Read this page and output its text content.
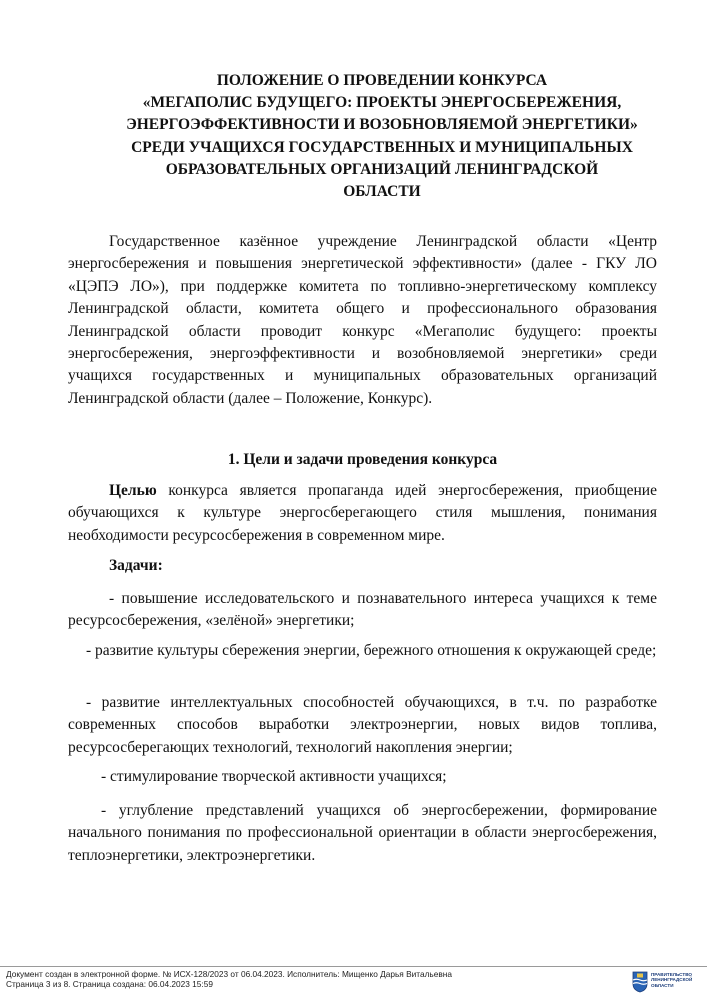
ПОЛОЖЕНИЕ О ПРОВЕДЕНИИ КОНКУРСА
«МЕГАПОЛИС БУДУЩЕГО: ПРОЕКТЫ ЭНЕРГОСБЕРЕЖЕНИЯ,
ЭНЕРГОЭФФЕКТИВНОСТИ И ВОЗОБНОВЛЯЕМОЙ ЭНЕРГЕТИКИ»
СРЕДИ УЧАЩИХСЯ ГОСУДАРСТВЕННЫХ И МУНИЦИПАЛЬНЫХ
ОБРАЗОВАТЕЛЬНЫХ ОРГАНИЗАЦИЙ ЛЕНИНГРАДСКОЙ
ОБЛАСТИ
Государственное казённое учреждение Ленинградской области «Центр энергосбережения и повышения энергетической эффективности» (далее - ГКУ ЛО «ЦЭПЭ ЛО»), при поддержке комитета по топливно-энергетическому комплексу Ленинградской области, комитета общего и профессионального образования Ленинградской области проводит конкурс «Мегаполис будущего: проекты энергосбережения, энергоэффективности и возобновляемой энергетики» среди учащихся государственных и муниципальных образовательных организаций Ленинградской области (далее – Положение, Конкурс).
1. Цели и задачи проведения конкурса
Целью конкурса является пропаганда идей энергосбережения, приобщение обучающихся к культуре энергосберегающего стиля мышления, понимания необходимости ресурсосбережения в современном мире.
Задачи:
- повышение исследовательского и познавательного интереса учащихся к теме ресурсосбережения, «зелёной» энергетики;
- развитие культуры сбережения энергии, бережного отношения к окружающей среде;
- развитие интеллектуальных способностей обучающихся, в т.ч. по разработке современных способов выработки электроэнергии, новых видов топлива, ресурсосберегающих технологий, технологий накопления энергии;
- стимулирование творческой активности учащихся;
- углубление представлений учащихся об энергосбережении, формирование начального понимания по профессиональной ориентации в области энергосбережения, теплоэнергетики, электроэнергетики.
Документ создан в электронной форме. № ИСХ-128/2023 от 06.04.2023. Исполнитель: Мищенко Дарья Витальевна
Страница 3 из 8. Страница создана: 06.04.2023 15:59
ПРАВИТЕЛЬСТВО
ЛЕНИНГРАДСКОЙ
ОБЛАСТИ
